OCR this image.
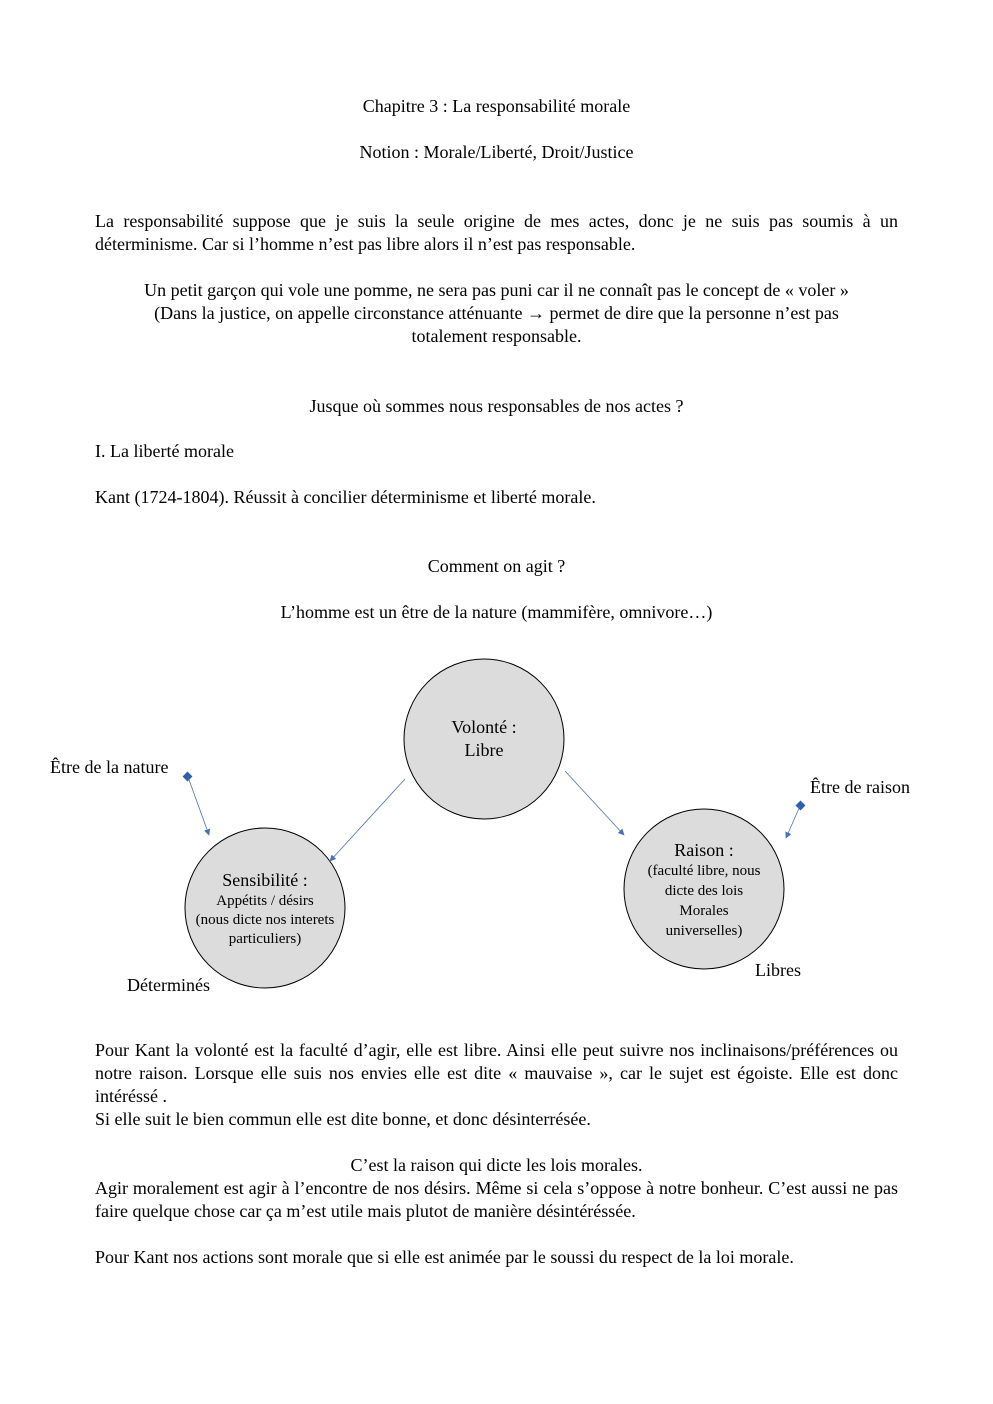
Chapitre 3 : La responsabilité morale
Notion : Morale/Liberté, Droit/Justice

La responsabilité suppose que je suis la seule origine de mes actes, donc je ne suis pas soumis à un déterminisme. Car si l’homme n’est pas libre alors il n’est pas responsable.

Un petit garçon qui vole une pomme, ne sera pas puni car il ne connaît pas le concept de « voler »
(Dans la justice, on appelle circonstance atténuante → permet de dire que la personne n’est pas
totalement responsable.
Jusque où sommes nous responsables de nos actes ?
I. La liberté morale
Kant (1724-1804). Réussit à concilier déterminisme et liberté morale.
Comment on agit ?
L’homme est un être de la nature (mammifère, omnivore…)
Volonté :
Libre
Sensibilité :
Appétits / désirs
(nous dicte nos interets
particuliers)
Raison :
(faculté libre, nous
dicte des lois
Morales
universelles)
Être de la nature
Être de raison
Déterminés
Libres

Pour Kant la volonté est la faculté d’agir, elle est libre. Ainsi elle peut suivre nos inclinaisons/préférences ou notre raison. Lorsque elle suis nos envies elle est dite « mauvaise », car le sujet est égoiste. Elle est donc intéréssé .

Si elle suit le bien commun elle est dite bonne, et donc désinterrésée.

C’est la raison qui dicte les lois morales.

Agir moralement est agir à l’encontre de nos désirs. Même si cela s’oppose à notre bonheur. C’est aussi ne pas faire quelque chose car ça m’est utile mais plutot de manière désintéréssée.

Pour Kant nos actions sont morale que si elle est animée par le soussi du respect de la loi morale.
